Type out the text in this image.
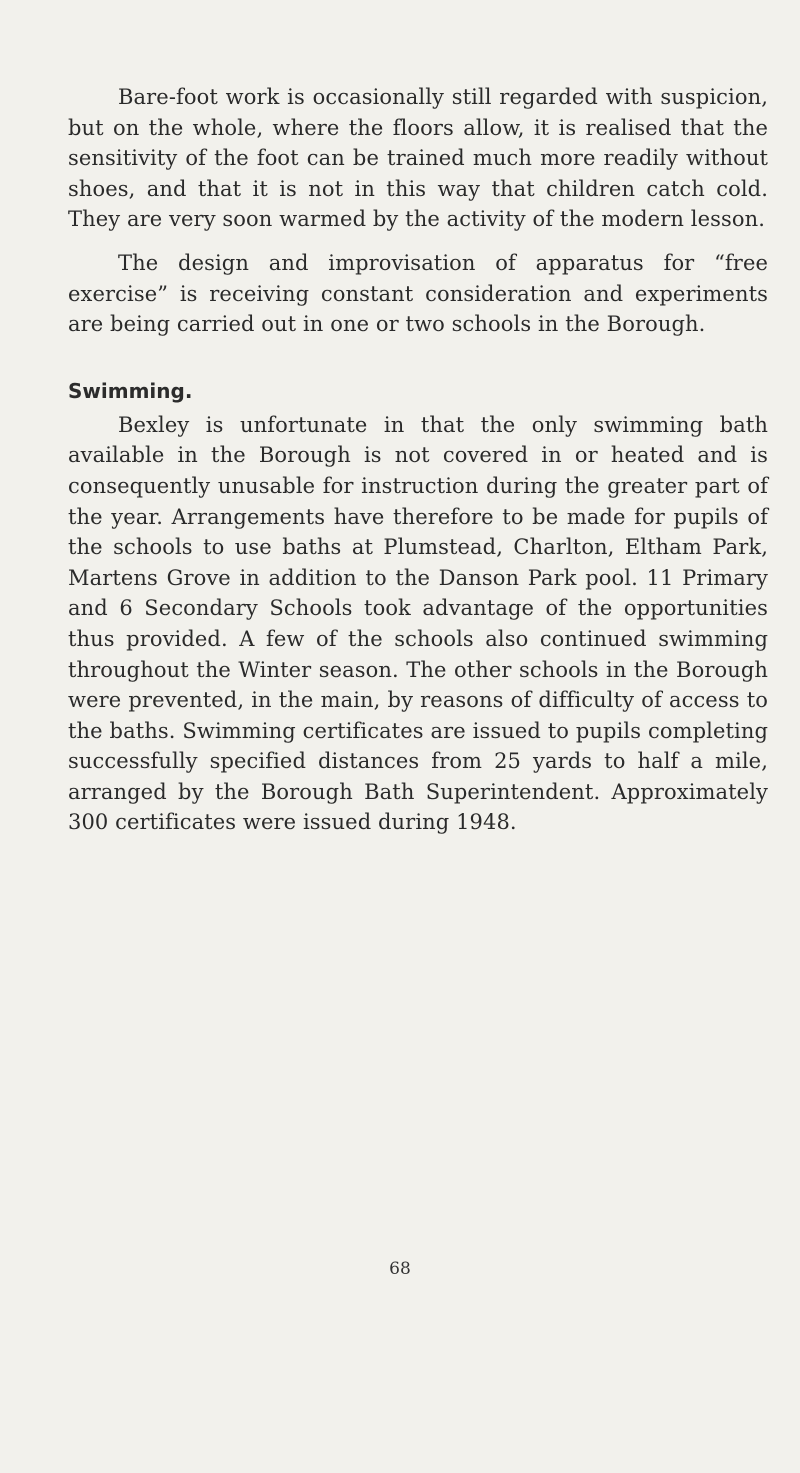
Bare-foot work is occasionally still regarded with suspicion, but on the whole, where the floors allow, it is realised that the sensitivity of the foot can be trained much more readily without shoes, and that it is not in this way that children catch cold. They are very soon warmed by the activity of the modern lesson.

The design and improvisation of apparatus for “free exercise” is receiving constant consideration and experiments are being carried out in one or two schools in the Borough.

Swimming.

Bexley is unfortunate in that the only swimming bath available in the Borough is not covered in or heated and is consequently unusable for instruction during the greater part of the year. Arrangements have therefore to be made for pupils of the schools to use baths at Plumstead, Charlton, Eltham Park, Martens Grove in addition to the Danson Park pool. 11 Primary and 6 Secondary Schools took advantage of the opportunities thus provided. A few of the schools also continued swimming throughout the Winter season. The other schools in the Borough were prevented, in the main, by reasons of difficulty of access to the baths. Swimming certificates are issued to pupils completing successfully specified distances from 25 yards to half a mile, arranged by the Borough Bath Superintendent. Approximately 300 certificates were issued during 1948.

68
